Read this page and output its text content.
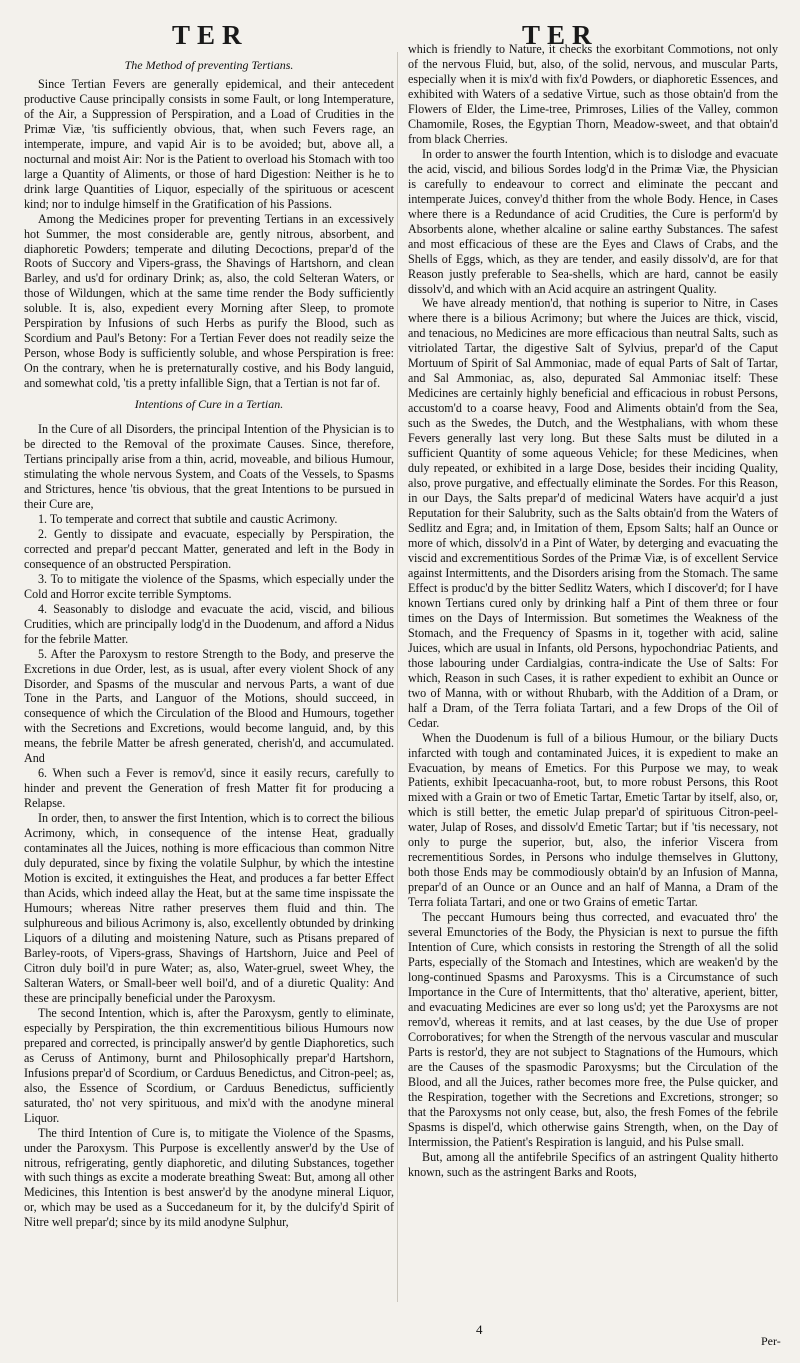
TER	TER
The Method of preventing Tertians.

Since Tertian Fevers are generally epidemical, and their antecedent productive Cause principally consists in some Fault, or long Intemperature, of the Air, a Suppression of Perspiration, and a Load of Crudities in the Primæ Viæ, 'tis sufficiently obvious, that, when such Fevers rage, an intemperate, impure, and vapid Air is to be avoided; but, above all, a nocturnal and moist Air: Nor is the Patient to overload his Stomach with too large a Quantity of Aliments, or those of hard Digestion: Neither is he to drink large Quantities of Liquor, especially of the spirituous or acescent kind; nor to indulge himself in the Gratification of his Passions.

Among the Medicines proper for preventing Tertians in an excessively hot Summer, the most considerable are, gently nitrous, absorbent, and diaphoretic Powders; temperate and diluting Decoctions, prepar'd of the Roots of Succory and Vipers-grass, the Shavings of Hartshorn, and clean Barley, and us'd for ordinary Drink; as, also, the cold Selteran Waters, or those of Wildungen, which at the same time render the Body sufficiently soluble. It is, also, expedient every Morning after Sleep, to promote Perspiration by Infusions of such Herbs as purify the Blood, such as Scordium and Paul's Betony: For a Tertian Fever does not readily seize the Person, whose Body is sufficiently soluble, and whose Perspiration is free: On the contrary, when he is preternaturally costive, and his Body languid, and somewhat cold, 'tis a pretty infallible Sign, that a Tertian is not far of.

Intentions of Cure in a Tertian.

In the Cure of all Disorders, the principal Intention of the Physician is to be directed to the Removal of the proximate Causes. Since, therefore, Tertians principally arise from a thin, acrid, moveable, and bilious Humour, stimulating the whole nervous System, and Coats of the Vessels, to Spasms and Strictures, hence 'tis obvious, that the great Intentions to be pursued in their Cure are,

1. To temperate and correct that subtile and caustic Acrimony.

2. Gently to dissipate and evacuate, especially by Perspiration, the corrected and prepar'd peccant Matter, generated and left in the Body in consequence of an obstructed Perspiration.

3. To to mitigate the violence of the Spasms, which especially under the Cold and Horror excite terrible Symptoms.

4. Seasonably to dislodge and evacuate the acid, viscid, and bilious Crudities, which are principally lodg'd in the Duodenum, and afford a Nidus for the febrile Matter.

5. After the Paroxysm to restore Strength to the Body, and preserve the Excretions in due Order, lest, as is usual, after every violent Shock of any Disorder, and Spasms of the muscular and nervous Parts, a want of due Tone in the Parts, and Languor of the Motions, should succeed, in consequence of which the Circulation of the Blood and Humours, together with the Secretions and Excretions, would become languid, and, by this means, the febrile Matter be afresh generated, cherish'd, and accumulated. And

6. When such a Fever is remov'd, since it easily recurs, carefully to hinder and prevent the Generation of fresh Matter fit for producing a Relapse.

In order, then, to answer the first Intention, which is to correct the bilious Acrimony, which, in consequence of the intense Heat, gradually contaminates all the Juices, nothing is more efficacious than common Nitre duly depurated, since by fixing the volatile Sulphur, by which the intestine Motion is excited, it extinguishes the Heat, and produces a far better Effect than Acids, which indeed allay the Heat, but at the same time inspissate the Humours; whereas Nitre rather preserves them fluid and thin. The sulphureous and bilious Acrimony is, also, excellently obtunded by drinking Liquors of a diluting and moistening Nature, such as Ptisans prepared of Barley-roots, of Vipers-grass, Shavings of Hartshorn, Juice and Peel of Citron duly boil'd in pure Water; as, also, Water-gruel, sweet Whey, the Salteran Waters, or Small-beer well boil'd, and of a diuretic Quality: And these are principally beneficial under the Paroxysm.

The second Intention, which is, after the Paroxysm, gently to eliminate, especially by Perspiration, the thin excrementitious bilious Humours now prepared and corrected, is principally answer'd by gentle Diaphoretics, such as Ceruss of Antimony, burnt and Philosophically prepar'd Hartshorn, Infusions prepar'd of Scordium, or Carduus Benedictus, and Citron-peel; as, also, the Essence of Scordium, or Carduus Benedictus, sufficiently saturated, tho' not very spirituous, and mix'd with the anodyne mineral Liquor.

The third Intention of Cure is, to mitigate the Violence of the Spasms, under the Paroxysm. This Purpose is excellently answer'd by the Use of nitrous, refrigerating, gently diaphoretic, and diluting Substances, together with such things as excite a moderate breathing Sweat: But, among all other Medicines, this Intention is best answer'd by the anodyne mineral Liquor, or, which may be used as a Succedaneum for it, by the dulcify'd Spirit of Nitre well prepar'd; since by its mild anodyne Sulphur,

which is friendly to Nature, it checks the exorbitant Commotions, not only of the nervous Fluid, but, also, of the solid, nervous, and muscular Parts, especially when it is mix'd with fix'd Powders, or diaphoretic Essences, and exhibited with Waters of a sedative Virtue, such as those obtain'd from the Flowers of Elder, the Lime-tree, Primroses, Lilies of the Valley, common Chamomile, Roses, the Egyptian Thorn, Meadow-sweet, and that obtain'd from black Cherries.

In order to answer the fourth Intention, which is to dislodge and evacuate the acid, viscid, and bilious Sordes lodg'd in the Primæ Viæ, the Physician is carefully to endeavour to correct and eliminate the peccant and intemperate Juices, convey'd thither from the whole Body. Hence, in Cases where there is a Redundance of acid Crudities, the Cure is perform'd by Absorbents alone, whether alcaline or saline earthy Substances. The safest and most efficacious of these are the Eyes and Claws of Crabs, and the Shells of Eggs, which, as they are tender, and easily dissolv'd, are for that Reason justly preferable to Sea-shells, which are hard, cannot be easily dissolv'd, and which with an Acid acquire an astringent Quality.

We have already mention'd, that nothing is superior to Nitre, in Cases where there is a bilious Acrimony; but where the Juices are thick, viscid, and tenacious, no Medicines are more efficacious than neutral Salts, such as vitriolated Tartar, the digestive Salt of Sylvius, prepar'd of the Caput Mortuum of Spirit of Sal Ammoniac, made of equal Parts of Salt of Tartar, and Sal Ammoniac, as, also, depurated Sal Ammoniac itself: These Medicines are certainly highly beneficial and efficacious in robust Persons, accustom'd to a coarse heavy, Food and Aliments obtain'd from the Sea, such as the Swedes, the Dutch, and the Westphalians, with whom these Fevers generally last very long. But these Salts must be diluted in a sufficient Quantity of some aqueous Vehicle; for these Medicines, when duly repeated, or exhibited in a large Dose, besides their inciding Quality, also, prove purgative, and effectually eliminate the Sordes. For this Reason, in our Days, the Salts prepar'd of medicinal Waters have acquir'd a just Reputation for their Salubrity, such as the Salts obtain'd from the Waters of Sedlitz and Egra; and, in Imitation of them, Epsom Salts; half an Ounce or more of which, dissolv'd in a Pint of Water, by deterging and evacuating the viscid and excrementitious Sordes of the Primæ Viæ, is of excellent Service against Intermittents, and the Disorders arising from the Stomach. The same Effect is produc'd by the bitter Sedlitz Waters, which I discover'd; for I have known Tertians cured only by drinking half a Pint of them three or four times on the Days of Intermission. But sometimes the Weakness of the Stomach, and the Frequency of Spasms in it, together with acid, saline Juices, which are usual in Infants, old Persons, hypochondriac Patients, and those labouring under Cardialgias, contra-indicate the Use of Salts: For which, Reason in such Cases, it is rather expedient to exhibit an Ounce or two of Manna, with or without Rhubarb, with the Addition of a Dram, or half a Dram, of the Terra foliata Tartari, and a few Drops of the Oil of Cedar.

When the Duodenum is full of a bilious Humour, or the biliary Ducts infarcted with tough and contaminated Juices, it is expedient to make an Evacuation, by means of Emetics. For this Purpose we may, to weak Patients, exhibit Ipecacuanha-root, but, to more robust Persons, this Root mixed with a Grain or two of Emetic Tartar, Emetic Tartar by itself, also, or, which is still better, the emetic Julap prepar'd of spirituous Citron-peel-water, Julap of Roses, and dissolv'd Emetic Tartar; but if 'tis necessary, not only to purge the superior, but, also, the inferior Viscera from recrementitious Sordes, in Persons who indulge themselves in Gluttony, both those Ends may be commodiously obtain'd by an Infusion of Manna, prepar'd of an Ounce or an Ounce and an half of Manna, a Dram of the Terra foliata Tartari, and one or two Grains of emetic Tartar.

The peccant Humours being thus corrected, and evacuated thro' the several Emunctories of the Body, the Physician is next to pursue the fifth Intention of Cure, which consists in restoring the Strength of all the solid Parts, especially of the Stomach and Intestines, which are weaken'd by the long-continued Spasms and Paroxysms. This is a Circumstance of such Importance in the Cure of Intermittents, that tho' alterative, aperient, bitter, and evacuating Medicines are ever so long us'd; yet the Paroxysms are not remov'd, whereas it remits, and at last ceases, by the due Use of proper Corroboratives; for when the Strength of the nervous vascular and muscular Parts is restor'd, they are not subject to Stagnations of the Humours, which are the Causes of the spasmodic Paroxysms; but the Circulation of the Blood, and all the Juices, rather becomes more free, the Pulse quicker, and the Respiration, together with the Secretions and Excretions, stronger; so that the Paroxysms not only cease, but, also, the fresh Fomes of the febrile Spasms is dispel'd, which otherwise gains Strength, when, on the Day of Intermission, the Patient's Respiration is languid, and his Pulse small.

But, among all the antifebrile Specifics of an astringent Quality hitherto known, such as the astringent Barks and Roots,

4
Per-
